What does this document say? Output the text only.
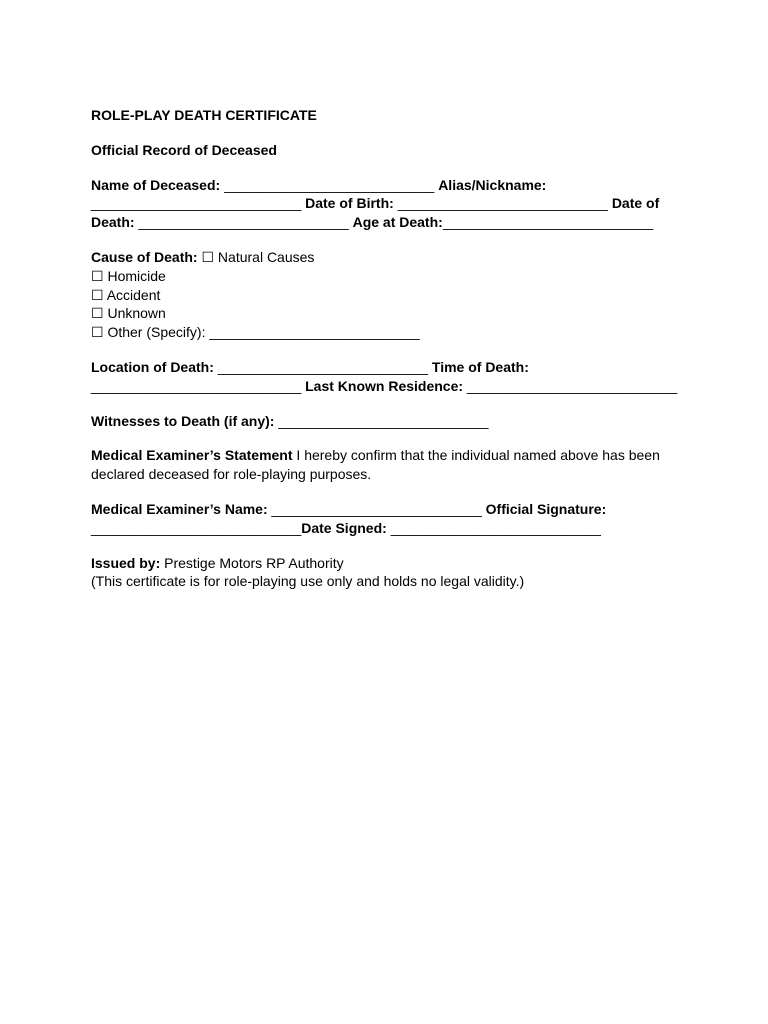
ROLE-PLAY DEATH CERTIFICATE

Official Record of Deceased

Name of Deceased: ___________________________ Alias/Nickname: ___________________________ Date of Birth: ___________________________ Date of Death: ___________________________ Age at Death:___________________________

Cause of Death: ☐ Natural Causes
☐ Homicide
☐ Accident
☐ Unknown
☐ Other (Specify): ___________________________

Location of Death: ___________________________ Time of Death: ___________________________ Last Known Residence: ___________________________

Witnesses to Death (if any): ___________________________

Medical Examiner’s Statement I hereby confirm that the individual named above has been declared deceased for role-playing purposes.

Medical Examiner’s Name: ___________________________ Official Signature: ___________________________Date Signed: ___________________________

Issued by: Prestige Motors RP Authority
(This certificate is for role-playing use only and holds no legal validity.)
